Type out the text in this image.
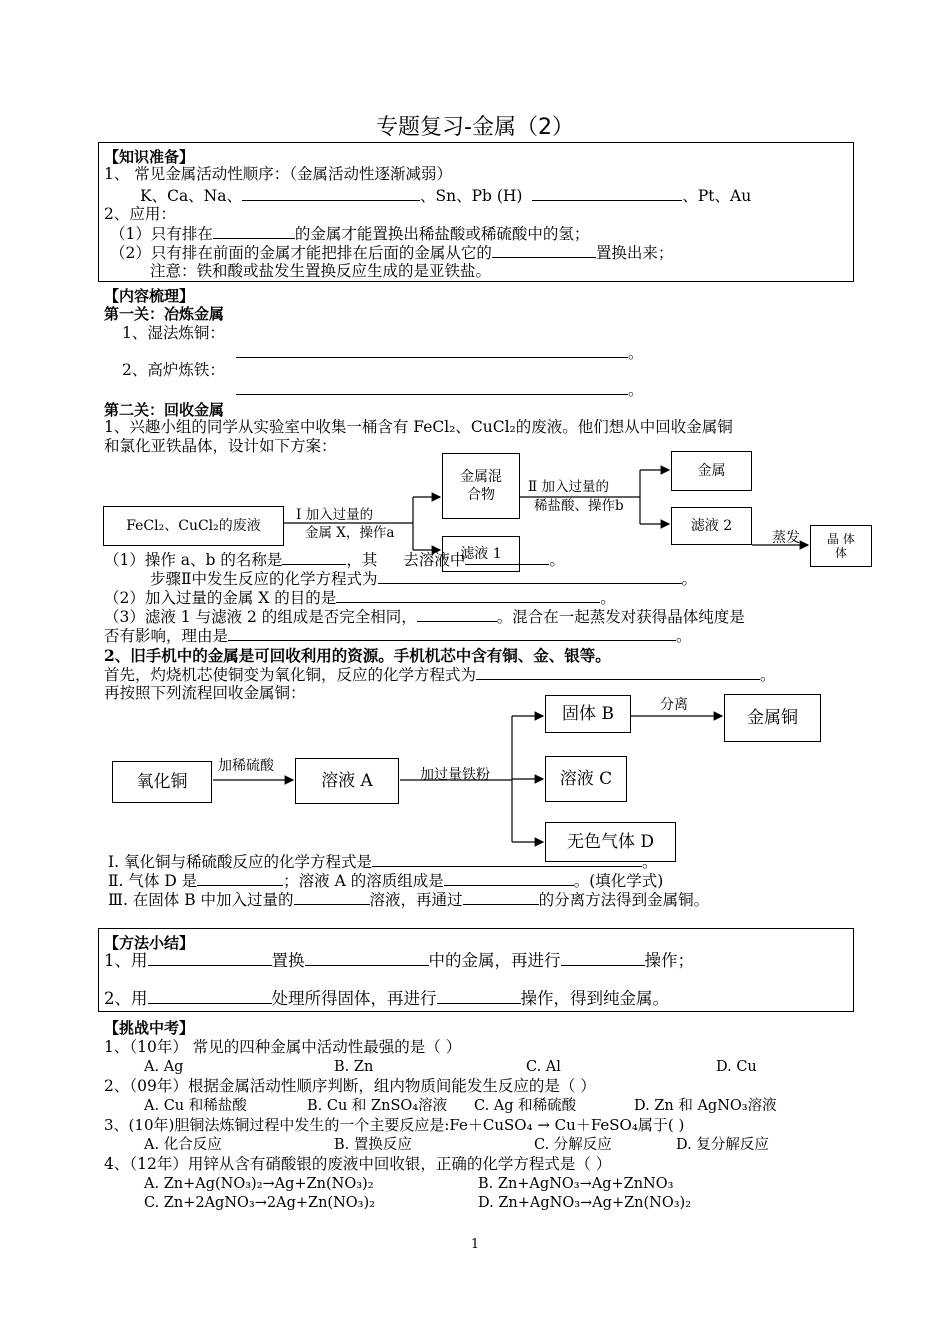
专题复习-金属（2）
【知识准备】
1、 常见金属活动性顺序：（金属活动性逐渐减弱）
K、Ca、Na、	、Sn、Pb (H)	、Pt、Au
2、应用：
（1）只有排在	的金属才能置换出稀盐酸或稀硫酸中的氢；
（2）只有排在前面的金属才能把排在后面的金属从它的	置换出来；
注意：铁和酸或盐发生置换反应生成的是亚铁盐。
【内容梳理】
第一关：冶炼金属
1、湿法炼铜：
。
2、高炉炼铁：
。
第二关：回收金属
1、兴趣小组的同学从实验室中收集一桶含有 FeCl₂、CuCl₂的废液。他们想从中回收金属铜
和氯化亚铁晶体，设计如下方案：
FeCl₂、CuCl₂的废液
Ⅰ 加入过量的
金属 X，操作a
金属混
合物
滤液 1
Ⅱ 加入过量的
稀盐酸、操作b
金属
滤液 2
蒸发 晶 体
体
（1）操作 a、b 的名称是	，其 去溶液中	。
步骤Ⅱ中发生反应的化学方程式为	。
（2）加入过量的金属 X 的目的是	。
（3）滤液 1 与滤液 2 的组成是否完全相同，	。混合在一起蒸发对获得晶体纯度是
否有影响，理由是	。
2、旧手机中的金属是可回收利用的资源。手机机芯中含有铜、金、银等。
首先，灼烧机芯使铜变为氧化铜，反应的化学方程式为	。
再按照下列流程回收金属铜：
氧化铜
加稀硫酸
溶液 A	加过量铁粉
固体 B	分离
金属铜
溶液 C
无色气体 D
Ⅰ. 氧化铜与稀硫酸反应的化学方程式是	。
Ⅱ. 气体 D 是	；溶液 A 的溶质组成是	。(填化学式)
Ⅲ. 在固体 B 中加入过量的	溶液，再通过	的分离方法得到金属铜。
【方法小结】
1、用	置换	中的金属，再进行	操作；
2、用	处理所得固体，再进行	操作，得到纯金属。
【挑战中考】
1、（10年） 常见的四种金属中活动性最强的是（ ）
A. Ag	B. Zn	C. Al	D. Cu
2、（09年）根据金属活动性顺序判断，组内物质间能发生反应的是（ ）
A. Cu 和稀盐酸	B. Cu 和 ZnSO₄溶液 C. Ag 和稀硫酸	D. Zn 和 AgNO₃溶液
3、(10年)胆铜法炼铜过程中发生的一个主要反应是:Fe＋CuSO₄ → Cu＋FeSO₄属于( )
A. 化合反应	B. 置换反应	C. 分解反应	D. 复分解反应
4、（12年）用锌从含有硝酸银的废液中回收银，正确的化学方程式是（ ）
A. Zn+Ag(NO₃)₂→Ag+Zn(NO₃)₂	B. Zn+AgNO₃→Ag+ZnNO₃
C. Zn+2AgNO₃→2Ag+Zn(NO₃)₂	D. Zn+AgNO₃→Ag+Zn(NO₃)₂
1
